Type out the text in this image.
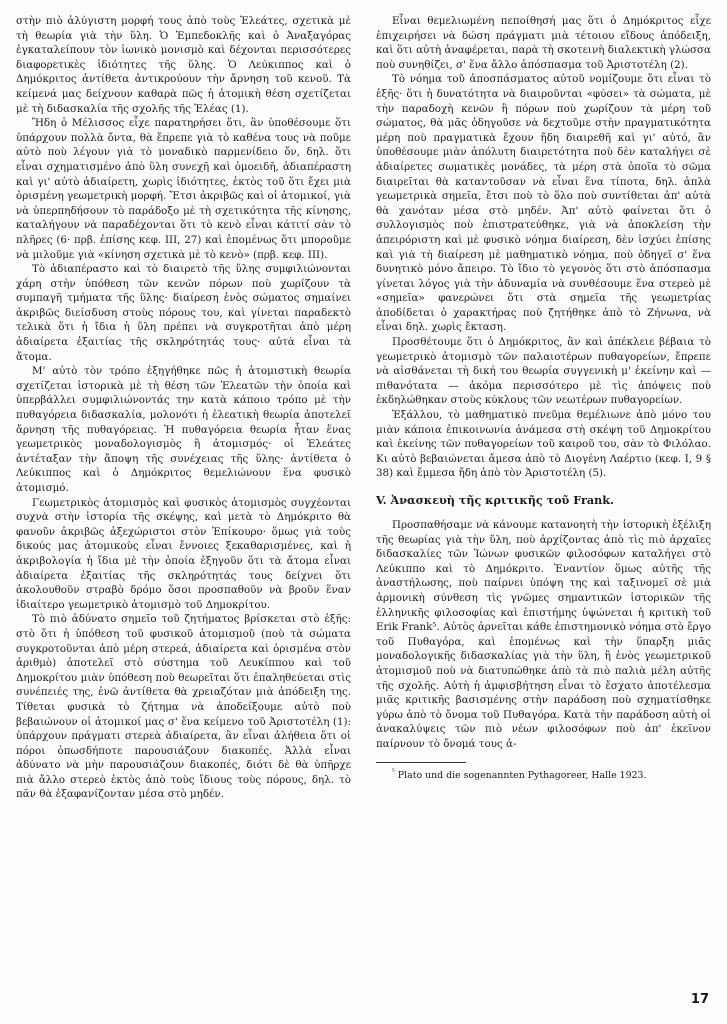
στὴν πιὸ ἀλύγιστη μορφή τους ἀπὸ τοὺς Ἐλεάτες, σχετικὰ μὲ τὴ θεωρία γιὰ τὴν ὕλη. Ὁ Ἐμπεδοκλῆς καὶ ὁ Ἀναξαγόρας ἐγκαταλείπουν τὸν ἰωνικὸ μονισμὸ καὶ δέχονται περισσότερες διαφορετικὲς ἰδιότητες τῆς ὕλης. Ὁ Λεύκιππος καὶ ὁ Δημόκριτος ἀντίθετα ἀντικρούουν τὴν ἄρνηση τοῦ κενοῦ. Τὰ κείμενά μας δείχνουν καθαρὰ πῶς ἡ ἀτομικὴ θέση σχετίζεται μὲ τὴ διδασκαλία τῆς σχολῆς τῆς Ἐλέας (1).

Ἤδη ὁ Μέλισσος εἶχε παρατηρήσει ὅτι, ἂν ὑποθέσουμε ὅτι ὑπάρχουν πολλὰ ὄντα, θὰ ἔπρεπε γιὰ τὸ καθένα τους νὰ ποῦμε αὐτὸ ποὺ λέγουν γιὰ τὸ μοναδικὸ παρμενίδειο ὄν, δηλ. ὅτι εἶναι σχηματισμένο ἀπὸ ὕλη συνεχῆ καὶ ὁμοειδῆ, ἀδιαπέραστη καὶ γι' αὐτὸ ἀδιαίρετη, χωρὶς ἰδιότητες, ἐκτὸς τοῦ ὅτι ἔχει μιὰ ὁρισμένη γεωμετρικὴ μορφή. Ἔτσι ἀκριβῶς καὶ οἱ ἀτομικοί, γιὰ νὰ ὑπερπηδήσουν τὸ παράδοξο μὲ τὴ σχετικότητα τῆς κίνησης, καταλήγουν νὰ παραδέχονται ὅτι τὸ κενὸ εἶναι κάτιτί σὰν τὸ πλῆρες (6· πρβ. ἐπίσης κεφ. III, 27) καὶ ἑπομένως ὅτι μποροῦμε νὰ μιλοῦμε γιὰ «κίνηση σχετικὰ μὲ τὸ κενὸ» (πρβ. κεφ. III).

Τὸ ἀδιαπέραστο καὶ τὸ διαιρετὸ τῆς ὕλης συμφιλιώνονται χάρη στὴν ὑπόθεση τῶν κενῶν πόρων ποὺ χωρίζουν τὰ συμπαγῆ τμήματα τῆς ὕλης· διαίρεση ἑνὸς σώματος σημαίνει ἀκριβῶς διείσδυση στοὺς πόρους του, καὶ γίνεται παραδεκτὸ τελικὰ ὅτι ἡ ἴδια ἡ ὕλη πρέπει νὰ συγκροτῆται ἀπὸ μέρη ἀδιαίρετα ἐξαιτίας τῆς σκληρότητάς τους· αὐτὰ εἶναι τὰ ἄτομα.

Μ' αὐτὸ τὸν τρόπο ἐξηγήθηκε πῶς ἡ ἀτομιστικὴ θεωρία σχετίζεται ἱστορικὰ μὲ τὴ θέση τῶν Ἐλεατῶν τὴν ὁποία καὶ ὑπερβάλλει συμφιλιώνοντάς την κατὰ κάποιο τρόπο μὲ τὴν πυθαγόρεια διδασκαλία, μολονότι ἡ ἐλεατικὴ θεωρία ἀποτελεῖ ἄρνηση τῆς πυθαγόρειας. Ἡ πυθαγόρεια θεωρία ἦταν ἕνας γεωμετρικὸς μοναδολογισμὸς ἢ ἀτομισμός· οἱ Ἐλεάτες ἀντέταξαν τὴν ἄποψη τῆς συνέχειας τῆς ὕλης· ἀντίθετα ὁ Λεύκιππος καὶ ὁ Δημόκριτος θεμελιώνουν ἕνα φυσικὸ ἀτομισμό.

Γεωμετρικὸς ἀτομισμὸς καὶ φυσικὸς ἀτομισμὸς συγχέονται συχνὰ στὴν ἱστορία τῆς σκέψης, καὶ μετὰ τὸ Δημόκριτο θὰ φανοῦν ἀκριβῶς ἀξεχώριστοι στὸν Ἐπίκουρο· ὅμως γιὰ τοὺς δικούς μας ἀτομικοὺς εἶναι ἔννοιες ξεκαθαρισμένες, καὶ ἡ ἀκριβολογία ἡ ἴδια μὲ τὴν ὁποία ἐξηγοῦν ὅτι τὰ ἄτομα εἶναι ἀδιαίρετα ἐξαιτίας τῆς σκληρότητάς τους δείχνει ὅτι ἀκολουθοῦν στραβὸ δρόμο ὅσοι προσπαθοῦν νὰ βροῦν ἕναν ἰδιαίτερο γεωμετρικὸ ἀτομισμὸ τοῦ Δημοκρίτου.

Τὸ πιὸ ἀδύνατο σημεῖο τοῦ ζητήματος βρίσκεται στὸ ἐξῆς: στὸ ὅτι ἡ ὑπόθεση τοῦ φυσικοῦ ἀτομισμοῦ (ποὺ τὰ σώματα συγκροτοῦνται ἀπὸ μέρη στερεά, ἀδιαίρετα καὶ ὁρισμένα στὸν ἀριθμὸ) ἀποτελεῖ στὸ σύστημα τοῦ Λευκίππου καὶ τοῦ Δημοκρίτου μιὰν ὑπόθεση ποὺ θεωρεῖται ὅτι ἐπαληθεύεται στὶς συνέπειές της, ἐνῶ ἀντίθετα θὰ χρειαζόταν μιὰ ἀπόδειξη της. Τίθεται φυσικὰ τὸ ζήτημα νὰ ἀποδείξουμε αὐτὸ ποὺ βεβαιώνουν οἱ ἀτομικοί μας σ' ἕνα κείμενο τοῦ Ἀριστοτέλη (1): ὑπάρχουν πράγματι στερεὰ ἀδιαίρετα, ἂν εἶναι ἀλήθεια ὅτι οἱ πόροι ὁπωσδήποτε παρουσιάζουν διακοπές. Ἀλλὰ εἶναι ἀδύνατο νὰ μὴν παρουσιάζουν διακοπές, διότι δὲ θὰ ὑπῆρχε πιὰ ἄλλο στερεὸ ἐκτὸς ἀπὸ τοὺς ἴδιους τοὺς πόρους, δηλ. τὸ πᾶν θὰ ἐξαφανίζονταν μέσα στὸ μηδέν.

Εἶναι θεμελιωμένη πεποίθησή μας ὅτι ὁ Δημόκριτος εἶχε ἐπιχειρήσει νὰ δώση πράγματι μιὰ τέτοιου εἴδους ἀπόδειξη, καὶ ὅτι αὐτὴ ἀναφέρεται, παρὰ τὴ σκοτεινὴ διαλεκτικὴ γλώσσα ποὺ συνηθίζει, σ' ἕνα ἄλλο ἀπόσπασμα τοῦ Ἀριστοτέλη (2).

Τὸ νόημα τοῦ ἀποσπάσματος αὐτοῦ νομίζουμε ὅτι εἶναι τὸ ἐξῆς· ὅτι ἡ δυνατότητα νὰ διαιροῦνται «φύσει» τὰ σώματα, μὲ τὴν παραδοχὴ κενῶν ἢ πόρων ποὺ χωρίζουν τὰ μέρη τοῦ σώματος, θὰ μᾶς ὁδηγοῦσε νὰ δεχτοῦμε στὴν πραγματικότητα μέρη ποὺ πραγματικὰ ἔχουν ἤδη διαιρεθῆ καὶ γι' αὐτό, ἂν ὑποθέσουμε μιὰν ἀπόλυτη διαιρετότητα ποὺ δὲν καταλήγει σὲ ἀδιαίρετες σωματικὲς μονάδες, τὰ μέρη στὰ ὁποῖα τὸ σῶμα διαιρεῖται θὰ καταντοῦσαν νὰ εἶναι ἕνα τίποτα, δηλ. ἁπλὰ γεωμετρικὰ σημεῖα, ἔτσι ποὺ τὸ ὅλο ποὺ συντίθεται ἀπ' αὐτὰ θὰ χανόταν μέσα στὸ μηδέν. Ἀπ' αὐτὸ φαίνεται ὅτι ὁ συλλογισμὸς ποὺ ἐπιστρατεύθηκε, γιὰ νὰ ἀποκλείση τὴν ἀπειρόριστη καὶ μὲ φυσικὸ νόημα διαίρεση, δὲν ἰσχύει ἐπίσης καὶ γιὰ τὴ διαίρεση μὲ μαθηματικὸ νόημα, ποὺ ὁδηγεῖ σ' ἕνα δυνητικὸ μόνο ἄπειρο. Τὸ ἴδιο τὸ γεγονὸς ὅτι στὸ ἀπόσπασμα γίνεται λόγος γιὰ τὴν ἀδυναμία νὰ συνθέσουμε ἕνα στερεὸ μὲ «σημεῖα» φανερώνει ὅτι στὰ σημεῖα τῆς γεωμετρίας ἀποδίδεται ὁ χαρακτήρας ποὺ ζητήθηκε ἀπὸ τὸ Ζήνωνα, νὰ εἶναι δηλ. χωρὶς ἔκταση.

Προσθέτουμε ὅτι ὁ Δημόκριτος, ἂν καὶ ἀπέκλειε βέβαια τὸ γεωμετρικὸ ἀτομισμὸ τῶν παλαιοτέρων πυθαγορείων, ἔπρεπε νὰ αἰσθάνεται τὴ δική του θεωρία συγγενικὴ μ' ἐκείνην καὶ — πιθανότατα — ἀκόμα περισσότερο μὲ τὶς ἀπόψεις ποὺ ἐκδηλώθηκαν στοὺς κύκλους τῶν νεωτέρων πυθαγορείων.

Ἐξάλλου, τὸ μαθηματικὸ πνεῦμα θεμέλιωνε ἀπὸ μόνο του μιὰν κάποια ἐπικοινωνία ἀνάμεσα στὴ σκέψη τοῦ Δημοκρίτου καὶ ἐκείνης τῶν πυθαγορείων τοῦ καιροῦ του, σὰν τὸ Φιλόλαο. Κι αὐτὸ βεβαιώνεται ἄμεσα ἀπὸ τὸ Διογένη Λαέρτιο (κεφ. I, 9 § 38) καὶ ἔμμεσα ἤδη ἀπὸ τὸν Ἀριστοτέλη (5).

V. Ἀνασκευὴ τῆς κριτικῆς τοῦ Frank.

Προσπαθήσαμε νὰ κάνουμε κατανοητὴ τὴν ἱστορικὴ ἐξέλιξη τῆς θεωρίας γιὰ τὴν ὕλη, ποὺ ἀρχίζοντας ἀπὸ τὶς πιὸ ἀρχαῖες διδασκαλίες τῶν Ἰώνων φυσικῶν φιλοσόφων καταλήγει στὸ Λεύκιππο καὶ τὸ Δημόκριτο. Ἐναντίον ὅμως αὐτῆς τῆς ἀναστήλωσης, ποὺ παίρνει ὑπόψη της καὶ ταξινομεῖ σὲ μιὰ ἁρμονικὴ σύνθεση τὶς γνῶμες σημαντικῶν ἱστορικῶν τῆς ἑλληνικῆς φιλοσοφίας καὶ ἐπιστήμης ὑψώνεται ἡ κριτικὴ τοῦ Erik Frank⁵. Αὐτὸς ἀρνεῖται κάθε ἐπιστημονικὸ νόημα στὸ ἔργο τοῦ Πυθαγόρα, καὶ ἑπομένως καὶ τὴν ὕπαρξη μιᾶς μοναδολογικῆς διδασκαλίας γιὰ τὴν ὕλη, ἢ ἑνὸς γεωμετρικοῦ ἀτομισμοῦ ποὺ νὰ διατυπώθηκε ἀπὸ τὰ πιὸ παλιὰ μέλη αὐτῆς τῆς σχολῆς. Αὐτὴ ἡ ἀμφισβήτηση εἶναι τὸ ἔσχατο ἀποτέλεσμα μιᾶς κριτικῆς βασισμένης στὴν παράδοση ποὺ σχηματίσθηκε γύρω ἀπὸ τὸ ὄνομα τοῦ Πυθαγόρα. Κατὰ τὴν παράδοση αὐτὴ οἱ ἀνακαλύψεις τῶν πιὸ νέων φιλοσόφων ποὺ ἀπ' ἐκεῖνον παίρνουν τὸ ὄνομά τους ἀ-

$^{^5}$ Plato und die sogenannten Pythagoreer, Halle 1923.

17
